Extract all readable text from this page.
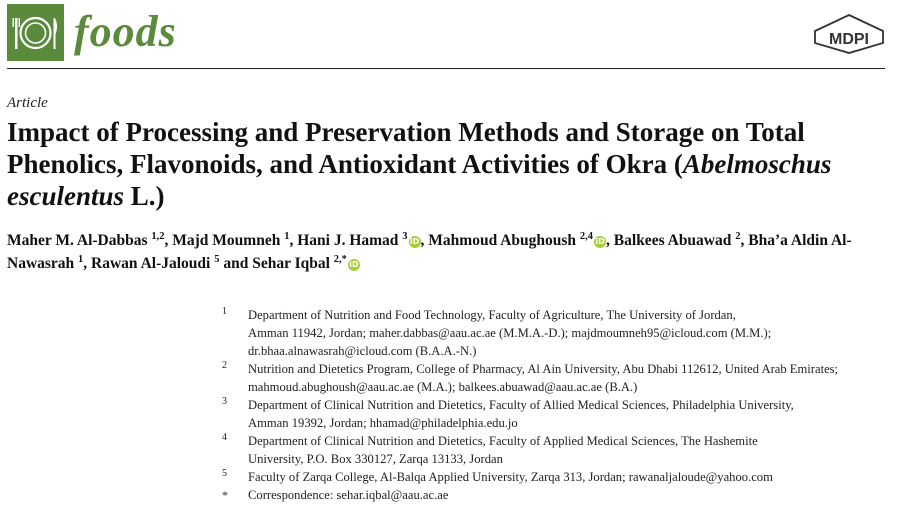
foods	MDPI
Article
Impact of Processing and Preservation Methods and Storage on Total Phenolics, Flavonoids, and Antioxidant Activities of Okra (Abelmoschus esculentus L.)
Maher M. Al-Dabbas $^{1,2}$, Majd Moumneh $^1$, Hani J. Hamad $^3$ iD, Mahmoud Abughoush $^{2,4}$ iD, Balkees Abuawad $^2$, Bha’a Aldin Al-Nawasrah $^1$, Rawan Al-Jaloudi $^5$ and Sehar Iqbal $^{2,*}$ iD
1 Department of Nutrition and Food Technology, Faculty of Agriculture, The University of Jordan,
Amman 11942, Jordan; maher.dabbas@aau.ac.ae (M.M.A.-D.); majdmoumneh95@icloud.com (M.M.);
dr.bhaa.alnawasrah@icloud.com (B.A.A.-N.)
2 Nutrition and Dietetics Program, College of Pharmacy, Al Ain University, Abu Dhabi 112612, United Arab Emirates;
mahmoud.abughoush@aau.ac.ae (M.A.); balkees.abuawad@aau.ac.ae (B.A.)
3 Department of Clinical Nutrition and Dietetics, Faculty of Allied Medical Sciences, Philadelphia University,
Amman 19392, Jordan; hhamad@philadelphia.edu.jo
4 Department of Clinical Nutrition and Dietetics, Faculty of Applied Medical Sciences, The Hashemite
University, P.O. Box 330127, Zarqa 13133, Jordan
5 Faculty of Zarqa College, Al-Balqa Applied University, Zarqa 313, Jordan; rawanaljaloude@yahoo.com
* Correspondence: sehar.iqbal@aau.ac.ae
